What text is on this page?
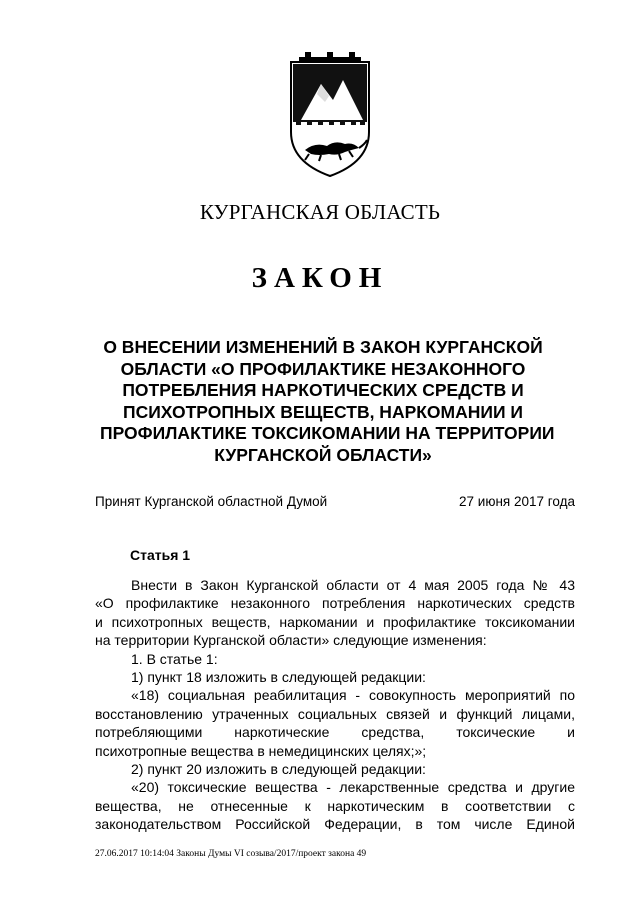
КУРГАНСКАЯ ОБЛАСТЬ
ЗАКОН
О ВНЕСЕНИИ ИЗМЕНЕНИЙ В ЗАКОН КУРГАНСКОЙ
ОБЛАСТИ «О ПРОФИЛАКТИКЕ НЕЗАКОННОГО
ПОТРЕБЛЕНИЯ НАРКОТИЧЕСКИХ СРЕДСТВ И
ПСИХОТРОПНЫХ ВЕЩЕСТВ, НАРКОМАНИИ И
ПРОФИЛАКТИКЕ ТОКСИКОМАНИИ НА ТЕРРИТОРИИ
КУРГАНСКОЙ ОБЛАСТИ»
Принят Курганской областной Думой	27 июня 2017 года
Статья 1
Внести в Закон Курганской области от 4 мая 2005 года № 43
«О профилактике незаконного потребления наркотических средств
и психотропных веществ, наркомании и профилактике токсикомании
на территории Курганской области» следующие изменения:
1. В статье 1:
1) пункт 18 изложить в следующей редакции:
«18) социальная реабилитация - совокупность мероприятий по
восстановлению утраченных социальных связей и функций лицами,
потребляющими наркотические средства, токсические и
психотропные вещества в немедицинских целях;»;
2) пункт 20 изложить в следующей редакции:
«20) токсические вещества - лекарственные средства и другие
вещества, не отнесенные к наркотическим в соответствии с
законодательством Российской Федерации, в том числе Единой
27.06.2017 10:14:04 Законы Думы VI созыва/2017/проект закона 49
